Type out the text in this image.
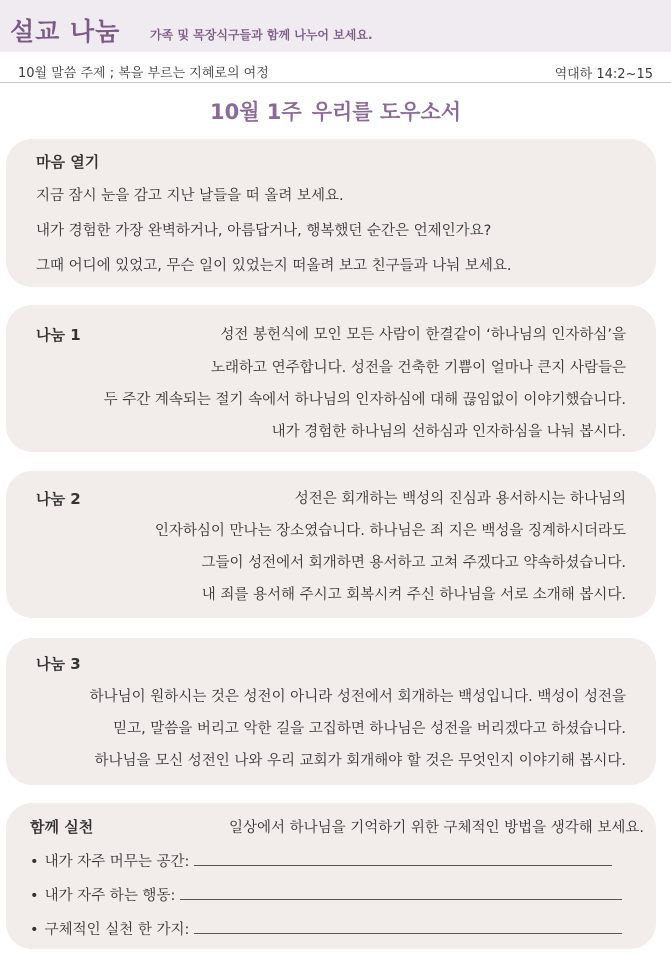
설교 나눔 가족 및 목장식구들과 함께 나누어 보세요.
10월 말씀 주제 ; 복을 부르는 지혜로의 여정	역대하 14:2~15
10월 1주 우리를 도우소서
마음 열기
지금 잠시 눈을 감고 지난 날들을 떠 올려 보세요.
내가 경험한 가장 완벽하거나, 아름답거나, 행복했던 순간은 언제인가요?
그때 어디에 있었고, 무슨 일이 있었는지 떠올려 보고 친구들과 나눠 보세요.
나눔 1	성전 봉헌식에 모인 모든 사람이 한결같이 ‘하나님의 인자하심’을
노래하고 연주합니다. 성전을 건축한 기쁨이 얼마나 큰지 사람들은
두 주간 계속되는 절기 속에서 하나님의 인자하심에 대해 끊임없이 이야기했습니다.
내가 경험한 하나님의 선하심과 인자하심을 나눠 봅시다.
나눔 2	성전은 회개하는 백성의 진심과 용서하시는 하나님의
인자하심이 만나는 장소였습니다. 하나님은 죄 지은 백성을 징계하시더라도
그들이 성전에서 회개하면 용서하고 고쳐 주겠다고 약속하셨습니다.
내 죄를 용서해 주시고 회복시켜 주신 하나님을 서로 소개해 봅시다.
나눔 3
하나님이 원하시는 것은 성전이 아니라 성전에서 회개하는 백성입니다. 백성이 성전을
믿고, 말씀을 버리고 악한 길을 고집하면 하나님은 성전을 버리겠다고 하셨습니다.
하나님을 모신 성전인 나와 우리 교회가 회개해야 할 것은 무엇인지 이야기해 봅시다.
함께 실천	일상에서 하나님을 기억하기 위한 구체적인 방법을 생각해 보세요.
• 내가 자주 머무는 공간:
• 내가 자주 하는 행동:
• 구체적인 실천 한 가지:
